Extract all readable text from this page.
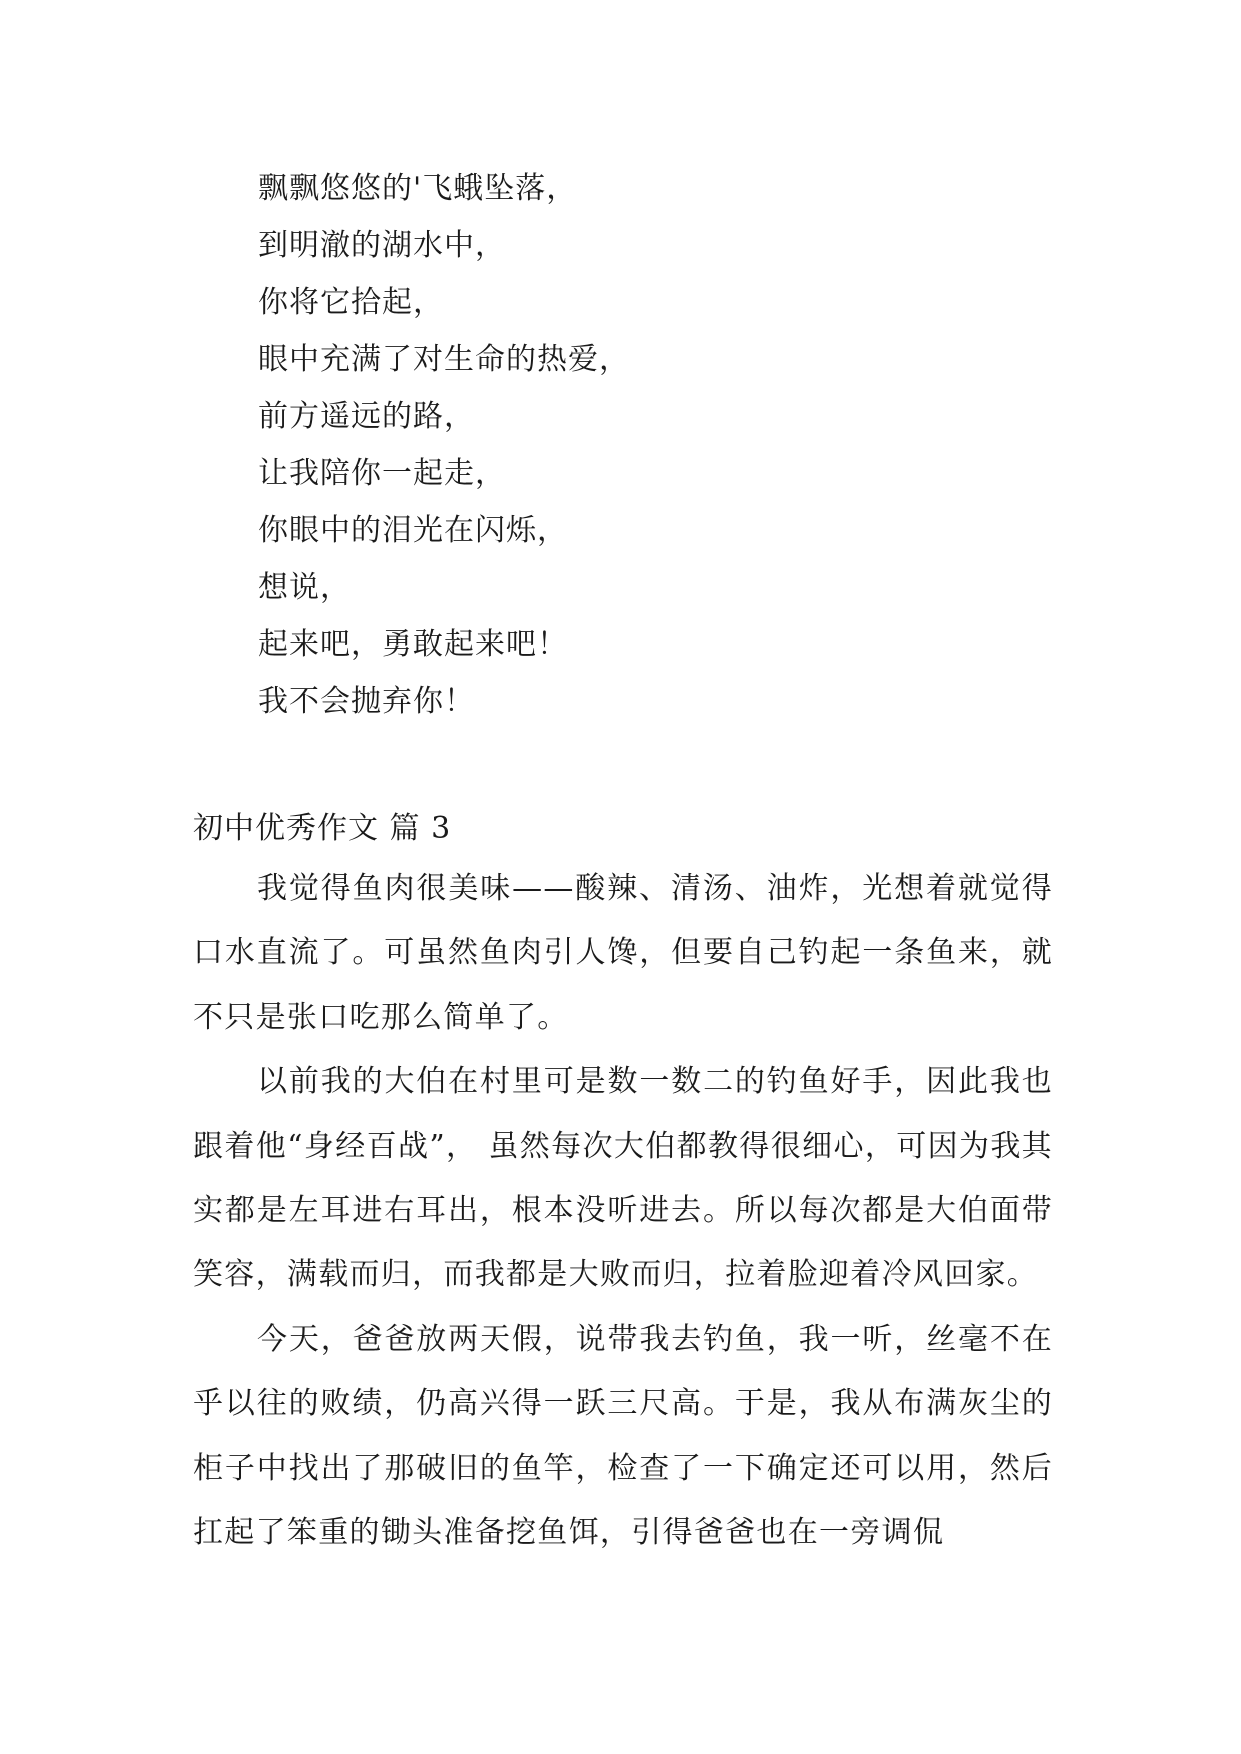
飘飘悠悠的'飞蛾坠落，
到明澈的湖水中，
你将它拾起，
眼中充满了对生命的热爱，
前方遥远的路，
让我陪你一起走，
你眼中的泪光在闪烁，
想说，
起来吧，勇敢起来吧！
我不会抛弃你！
初中优秀作文 篇 3

我觉得鱼肉很美味——酸辣、清汤、油炸，光想着就觉得口水直流了。可虽然鱼肉引人馋，但要自己钓起一条鱼来，就不只是张口吃那么简单了。

以前我的大伯在村里可是数一数二的钓鱼好手，因此我也跟着他“身经百战”， 虽然每次大伯都教得很细心，可因为我其实都是左耳进右耳出，根本没听进去。所以每次都是大伯面带笑容，满载而归，而我都是大败而归，拉着脸迎着冷风回家。

今天，爸爸放两天假，说带我去钓鱼，我一听，丝毫不在乎以往的败绩，仍高兴得一跃三尺高。于是，我从布满灰尘的柜子中找出了那破旧的鱼竿，检查了一下确定还可以用，然后扛起了笨重的锄头准备挖鱼饵，引得爸爸也在一旁调侃
